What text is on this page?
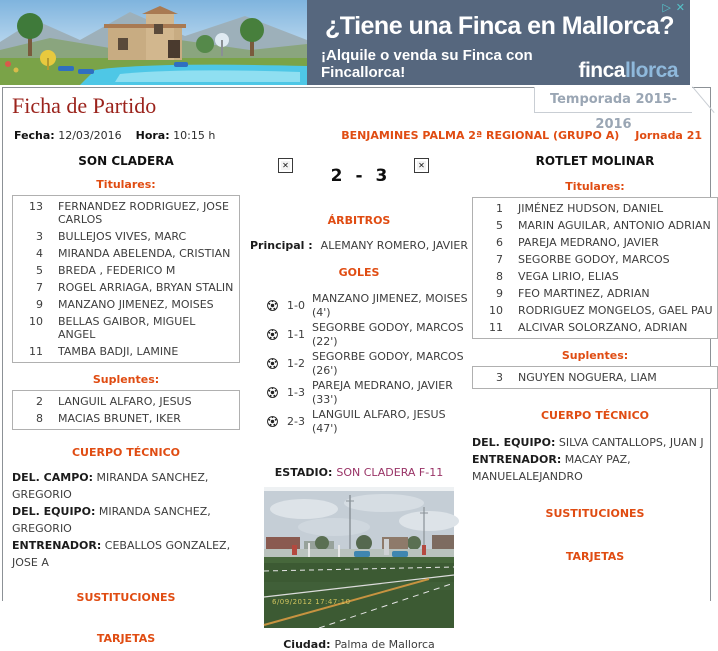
▷ ✕
¿Tiene una Finca en Mallorca?
¡Alquile o venda su Finca con Fincallorca!	fincallorca
Temporada 2015-2016
Ficha de Partido
Fecha: 12/03/2016 Hora: 10:15 h	BENJAMINES PALMA 2ª REGIONAL (GRUPO A) Jornada 21
SON CLADERA
Titulares:
13 FERNANDEZ RODRIGUEZ, JOSE CARLOS
3 BULLEJOS VIVES, MARC
4 MIRANDA ABELENDA, CRISTIAN
5 BREDA , FEDERICO M
7 ROGEL ARRIAGA, BRYAN STALIN
9 MANZANO JIMENEZ, MOISES
10 BELLAS GAIBOR, MIGUEL ANGEL
11 TAMBA BADJI, LAMINE
Suplentes:
2 LANGUIL ALFARO, JESUS
8 MACIAS BRUNET, IKER
CUERPO TÉCNICO
DEL. CAMPO: MIRANDA SANCHEZ, GREGORIO
DEL. EQUIPO: MIRANDA SANCHEZ, GREGORIO
ENTRENADOR: CEBALLOS GONZALEZ, JOSE A
SUSTITUCIONES
TARJETAS
✕	✕
2 - 3
ÁRBITROS
Principal : ALEMANY ROMERO, JAVIER
GOLES
1-0
MANZANO JIMENEZ, MOISES (4')
1-1
SEGORBE GODOY, MARCOS (22')
1-2
SEGORBE GODOY, MARCOS (26')
1-3
PAREJA MEDRANO, JAVIER (33')
2-3
LANGUIL ALFARO, JESUS (47')
ESTADIO: SON CLADERA F-11
6/09/2012 17:47:10
Ciudad: Palma de Mallorca
ROTLET MOLINAR
Titulares:
1 JIMÉNEZ HUDSON, DANIEL
5 MARIN AGUILAR, ANTONIO ADRIAN
6 PAREJA MEDRANO, JAVIER
7 SEGORBE GODOY, MARCOS
8 VEGA LIRIO, ELIAS
9 FEO MARTINEZ, ADRIAN
10 RODRIGUEZ MONGELOS, GAEL PAU
11 ALCIVAR SOLORZANO, ADRIAN
Suplentes:
3 NGUYEN NOGUERA, LIAM
CUERPO TÉCNICO
DEL. EQUIPO: SILVA CANTALLOPS, JUAN J
ENTRENADOR: MACAY PAZ, MANUELALEJANDRO
SUSTITUCIONES
TARJETAS
